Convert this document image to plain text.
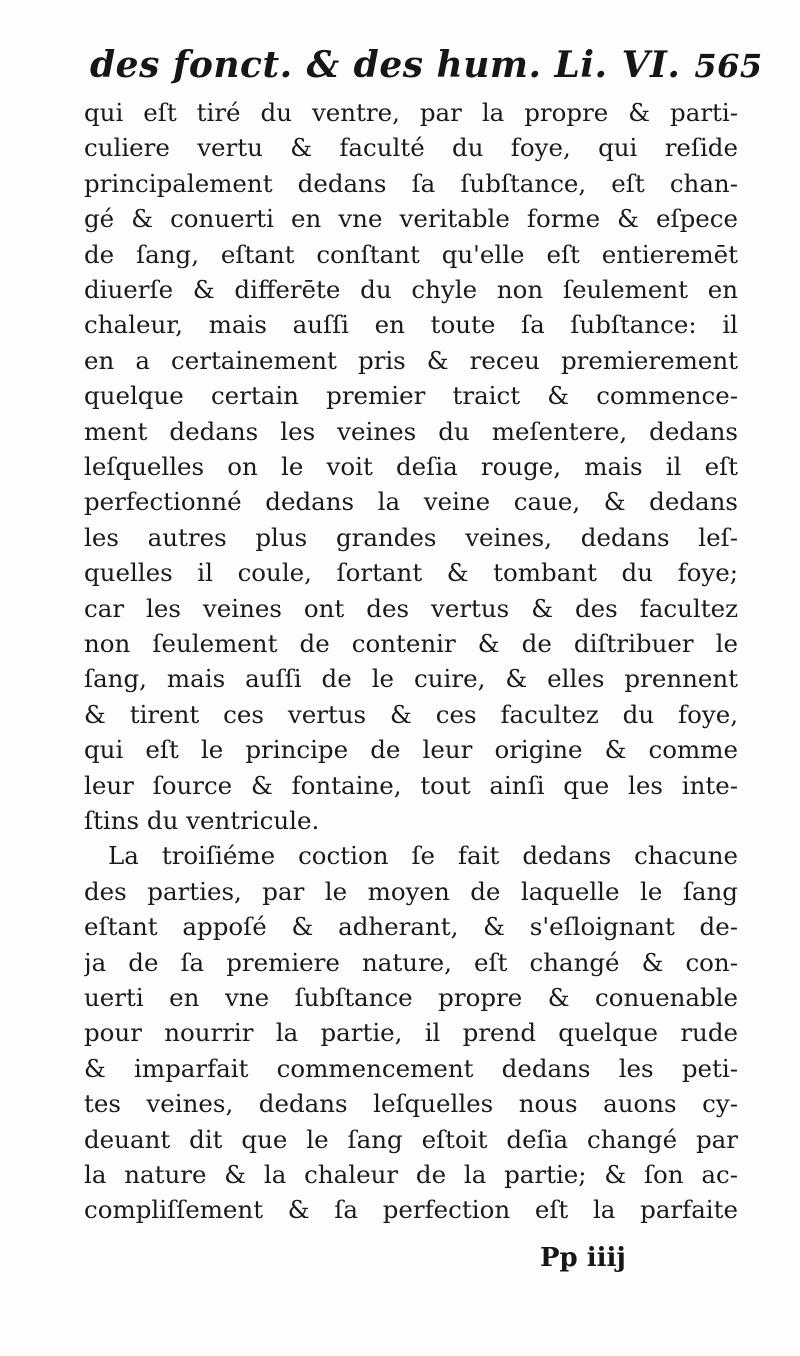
des fonct. & des hum. Li. VI. 565
qui eſt tiré du ventre, par la propre & parti-
culiere vertu & faculté du foye, qui reſide
principalement dedans ſa ſubſtance, eſt chan-
gé & conuerti en vne veritable forme & eſpece
de ſang, eſtant conſtant qu'elle eſt entieremēt
diuerſe & differēte du chyle non ſeulement en
chaleur, mais auſſi en toute ſa ſubſtance: il
en a certainement pris & receu premierement
quelque certain premier traict & commence-
ment dedans les veines du meſentere, dedans
leſquelles on le voit deſia rouge, mais il eſt
perfectionné dedans la veine caue, & dedans
les autres plus grandes veines, dedans leſ-
quelles il coule, ſortant & tombant du foye;
car les veines ont des vertus & des facultez
non ſeulement de contenir & de diſtribuer le
ſang, mais auſſi de le cuire, & elles prennent
& tirent ces vertus & ces facultez du foye,
qui eſt le principe de leur origine & comme
leur ſource & fontaine, tout ainſi que les inte-
ſtins du ventricule.
La troiſiéme coction ſe fait dedans chacune
des parties, par le moyen de laquelle le ſang
eſtant appoſé & adherant, & s'eſloignant de-
ja de ſa premiere nature, eſt changé & con-
uerti en vne ſubſtance propre & conuenable
pour nourrir la partie, il prend quelque rude
& imparfait commencement dedans les peti-
tes veines, dedans leſquelles nous auons cy-
deuant dit que le ſang eſtoit deſia changé par
la nature & la chaleur de la partie; & ſon ac-
compliſſement & ſa perfection eſt la parfaite
Pp iiij
